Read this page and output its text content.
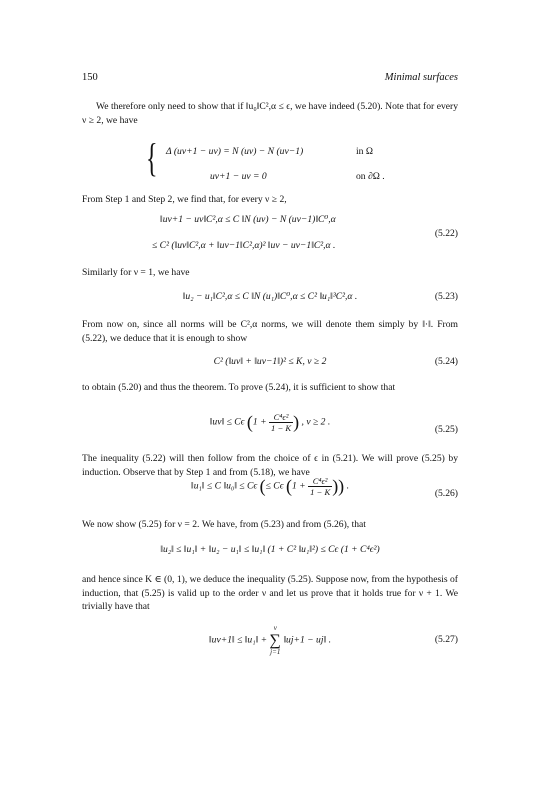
150	Minimal surfaces

We therefore only need to show that if ‖u₀‖C²,α ≤ ϵ, we have indeed (5.20). Note that for every ν ≥ 2, we have

{ Δ (uν+1 − uν) = N (uν) − N (uν−1)	in Ω
uν+1 − uν = 0	on ∂Ω .

From Step 1 and Step 2, we find that, for every ν ≥ 2,

‖uν+1 − uν‖C²,α ≤ C ‖N (uν) − N (uν−1)‖C⁰,α
≤ C² (‖uν‖C²,α + ‖uν−1‖C²,α)² ‖uν − uν−1‖C²,α .
(5.22)

Similarly for ν = 1, we have

‖u₂ − u₁‖C²,α ≤ C ‖N (u₁)‖C⁰,α ≤ C² ‖u₁‖³C²,α .	(5.23)

From now on, since all norms will be C²,α norms, we will denote them simply by ‖·‖. From (5.22), we deduce that it is enough to show

C² (‖uν‖ + ‖uν−1‖)² ≤ K, ν ≥ 2	(5.24)

to obtain (5.20) and thus the theorem. To prove (5.24), it is sufficient to show that

‖uν‖ ≤ Cϵ ($1 + \frac{\text{C⁴ϵ²}}{1 - K}$ ) , ν ≥ 2 .
(5.25)

The inequality (5.22) will then follow from the choice of ϵ in (5.21). We will prove (5.25) by induction. Observe that by Step 1 and from (5.18), we have

‖u₁‖ ≤ C ‖u₀‖ ≤ Cϵ (≤ Cϵ ($1 + \frac{\text{C⁴ϵ²}}{1 - K}$ )) .
(5.26)

We now show (5.25) for ν = 2. We have, from (5.23) and from (5.26), that

‖u₂‖ ≤ ‖u₁‖ + ‖u₂ − u₁‖ ≤ ‖u₁‖ (1 + C² ‖u₁‖²) ≤ Cϵ (1 + C⁴ϵ²)

and hence since K ∈ (0, 1), we deduce the inequality (5.25). Suppose now, from the hypothesis of induction, that (5.25) is valid up to the order ν and let us prove that it holds true for ν + 1. We trivially have that

‖uν+1‖ ≤ ‖u₁‖ + ν
∑
j=1 ‖uj+1 − uj‖ .	(5.27)
